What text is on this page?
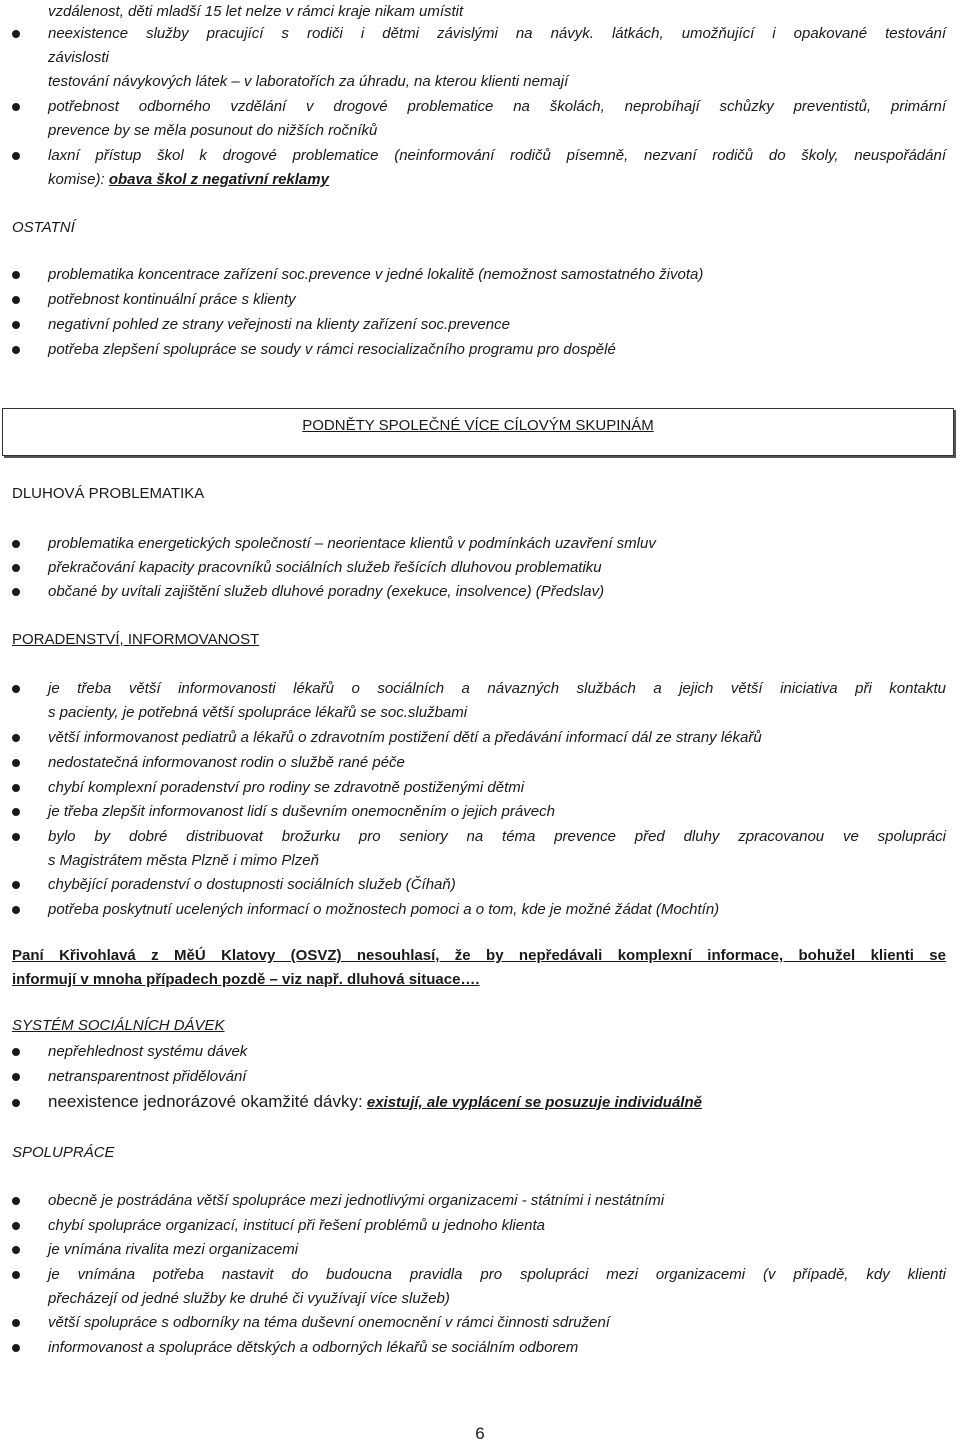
vzdálenost, děti mladší 15 let nelze v rámci kraje nikam umístit
neexistence služby pracující s rodiči i dětmi závislými na návyk. látkách, umožňující i opakované testování
závislosti
testování návykových látek – v laboratořích za úhradu, na kterou klienti nemají
potřebnost odborného vzdělání v drogové problematice na školách, neprobíhají schůzky preventistů, primární
prevence by se měla posunout do nižších ročníků
laxní přístup škol k drogové problematice (neinformování rodičů písemně, nezvaní rodičů do školy, neuspořádání
komise): obava škol z negativní reklamy
OSTATNÍ
problematika koncentrace zařízení soc.prevence v jedné lokalitě (nemožnost samostatného života)
potřebnost kontinuální práce s klienty
negativní pohled ze strany veřejnosti na klienty zařízení soc.prevence
potřeba zlepšení spolupráce se soudy v rámci resocializačního programu pro dospělé
PODNĚTY SPOLEČNÉ VÍCE CÍLOVÝM SKUPINÁM
DLUHOVÁ PROBLEMATIKA
problematika energetických společností – neorientace klientů v podmínkách uzavření smluv
překračování kapacity pracovníků sociálních služeb řešících dluhovou problematiku
občané by uvítali zajištění služeb dluhové poradny (exekuce, insolvence) (Předslav)
PORADENSTVÍ, INFORMOVANOST
je třeba větší informovanosti lékařů o sociálních a návazných službách a jejich větší iniciativa při kontaktu
s pacienty, je potřebná větší spolupráce lékařů se soc.službami
větší informovanost pediatrů a lékařů o zdravotním postižení dětí a předávání informací dál ze strany lékařů
nedostatečná informovanost rodin o službě rané péče
chybí komplexní poradenství pro rodiny se zdravotně postiženými dětmi
je třeba zlepšit informovanost lidí s duševním onemocněním o jejich právech
bylo by dobré distribuovat brožurku pro seniory na téma prevence před dluhy zpracovanou ve spolupráci
s Magistrátem města Plzně i mimo Plzeň
chybějící poradenství o dostupnosti sociálních služeb (Číhaň)
potřeba poskytnutí ucelených informací o možnostech pomoci a o tom, kde je možné žádat (Mochtín)
Paní Křivohlavá z MěÚ Klatovy (OSVZ) nesouhlasí, že by nepředávali komplexní informace, bohužel klienti se
informují v mnoha případech pozdě – viz např. dluhová situace….
SYSTÉM SOCIÁLNÍCH DÁVEK
nepřehlednost systému dávek
netransparentnost přidělování
neexistence jednorázové okamžité dávky: existují, ale vyplácení se posuzuje individuálně
SPOLUPRÁCE
obecně je postrádána větší spolupráce mezi jednotlivými organizacemi - státními i nestátními
chybí spolupráce organizací, institucí při řešení problémů u jednoho klienta
je vnímána rivalita mezi organizacemi
je vnímána potřeba nastavit do budoucna pravidla pro spolupráci mezi organizacemi (v případě, kdy klienti
přecházejí od jedné služby ke druhé či využívají více služeb)
větší spolupráce s odborníky na téma duševní onemocnění v rámci činnosti sdružení
informovanost a spolupráce dětských a odborných lékařů se sociálním odborem
6
